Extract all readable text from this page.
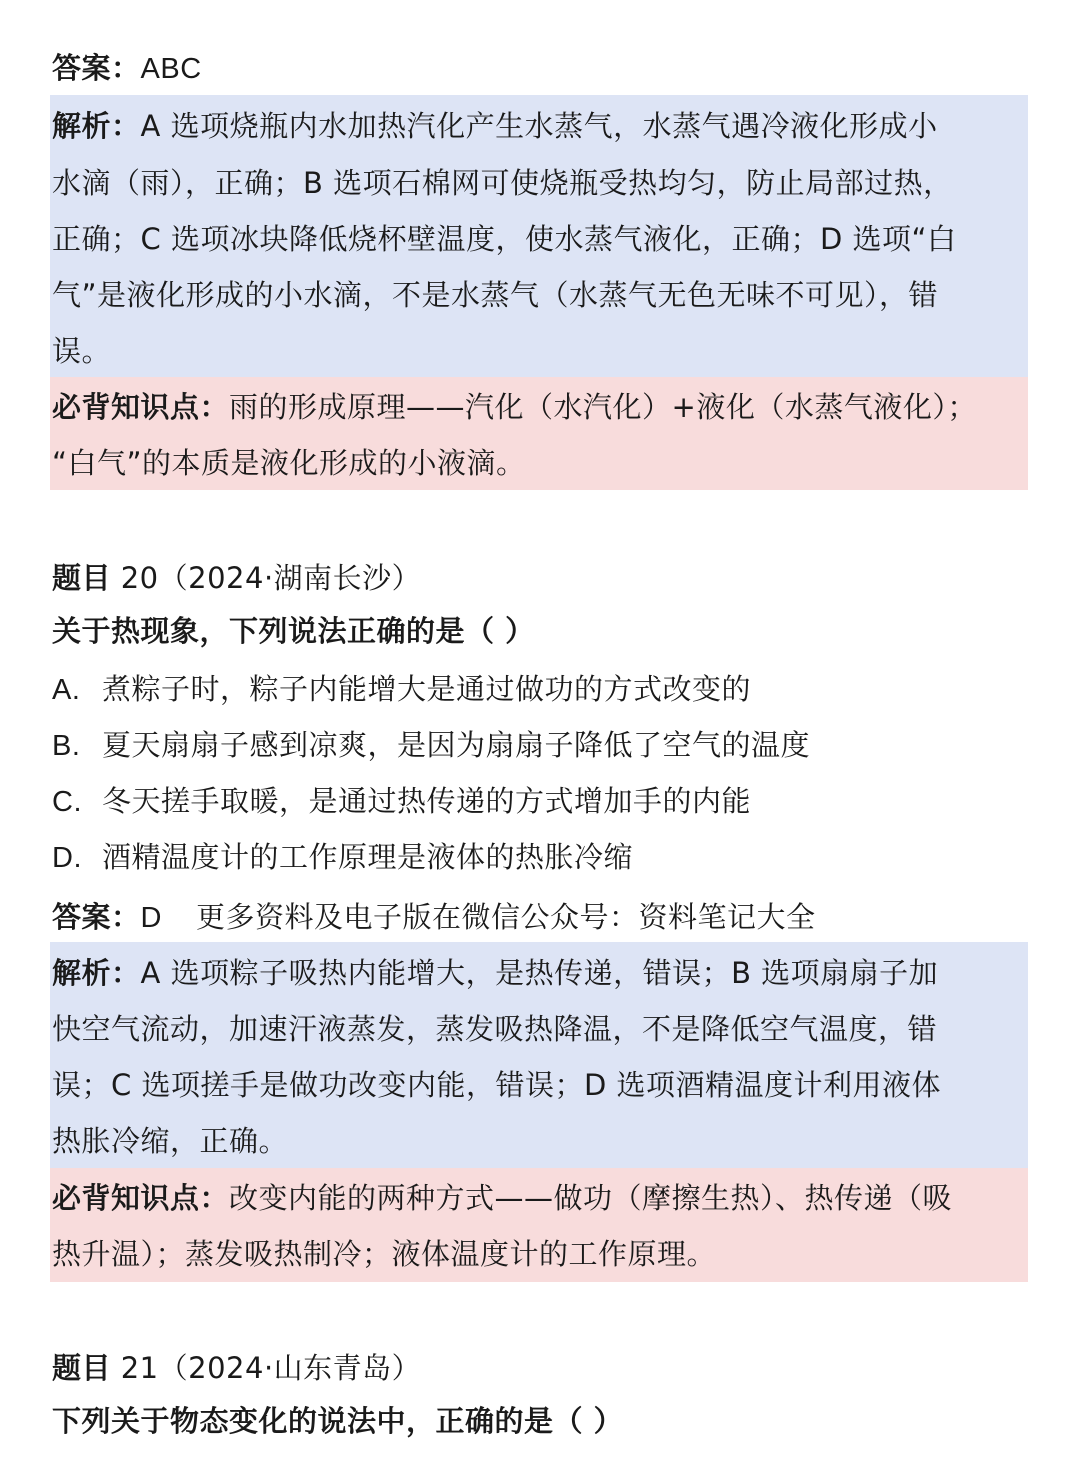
答案：ABC
解析：A 选项烧瓶内水加热汽化产生水蒸气，水蒸气遇冷液化形成小
水滴（雨），正确；B 选项石棉网可使烧瓶受热均匀，防止局部过热，
正确；C 选项冰块降低烧杯壁温度，使水蒸气液化，正确；D 选项“白
气”是液化形成的小水滴，不是水蒸气（水蒸气无色无味不可见），错
误。
必背知识点：雨的形成原理——汽化（水汽化）+液化（水蒸气液化）；
“白气”的本质是液化形成的小液滴。
题目 20（2024·湖南长沙）
关于热现象，下列说法正确的是（ ）
A. 煮粽子时，粽子内能增大是通过做功的方式改变的
B. 夏天扇扇子感到凉爽，是因为扇扇子降低了空气的温度
C. 冬天搓手取暖，是通过热传递的方式增加手的内能
D. 酒精温度计的工作原理是液体的热胀冷缩
答案：D 更多资料及电子版在微信公众号：资料笔记大全
解析：A 选项粽子吸热内能增大，是热传递，错误；B 选项扇扇子加
快空气流动，加速汗液蒸发，蒸发吸热降温，不是降低空气温度，错
误；C 选项搓手是做功改变内能，错误；D 选项酒精温度计利用液体
热胀冷缩，正确。
必背知识点：改变内能的两种方式——做功（摩擦生热）、热传递（吸
热升温）；蒸发吸热制冷；液体温度计的工作原理。
题目 21（2024·山东青岛）
下列关于物态变化的说法中，正确的是（ ）
